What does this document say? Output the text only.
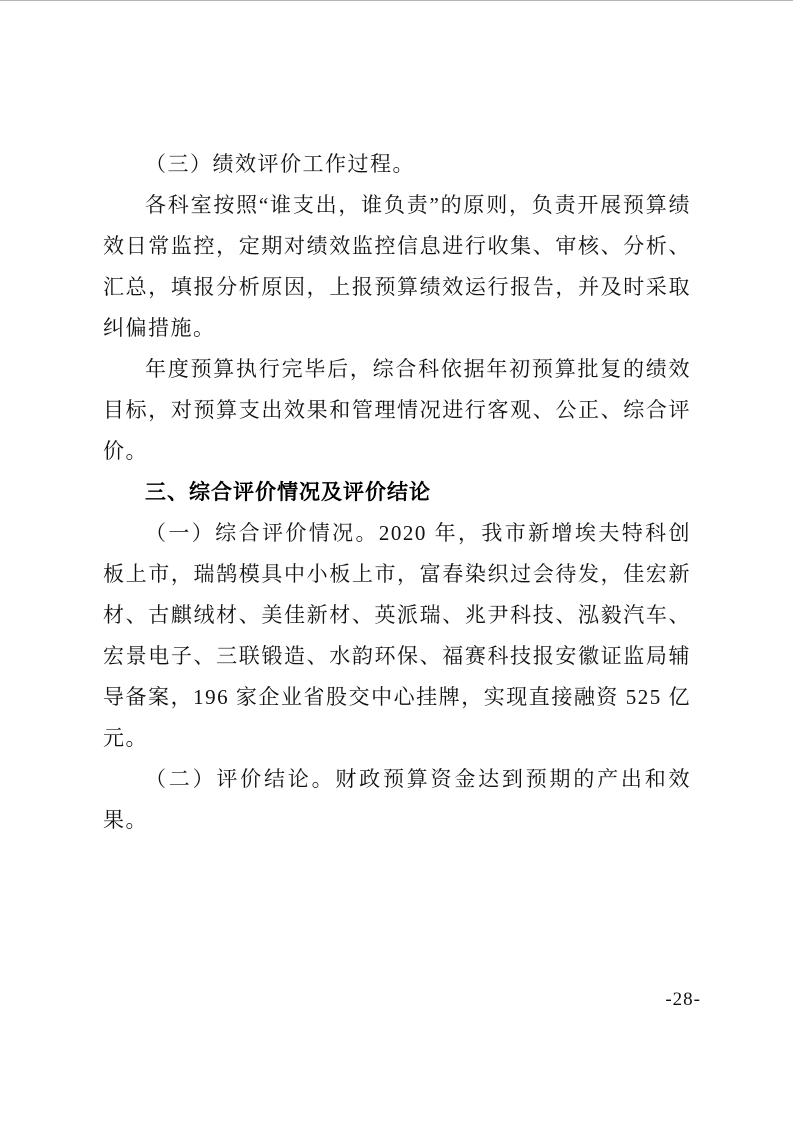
（三）绩效评价工作过程。

各科室按照“谁支出，谁负责”的原则，负责开展预算绩效日常监控，定期对绩效监控信息进行收集、审核、分析、汇总，填报分析原因，上报预算绩效运行报告，并及时采取纠偏措施。

年度预算执行完毕后，综合科依据年初预算批复的绩效目标，对预算支出效果和管理情况进行客观、公正、综合评价。

三、综合评价情况及评价结论

（一）综合评价情况。2020 年，我市新增埃夫特科创板上市，瑞鹄模具中小板上市，富春染织过会待发，佳宏新材、古麒绒材、美佳新材、英派瑞、兆尹科技、泓毅汽车、宏景电子、三联锻造、水韵环保、福赛科技报安徽证监局辅导备案，196 家企业省股交中心挂牌，实现直接融资 525 亿元。

（二）评价结论。财政预算资金达到预期的产出和效果。

-28-
